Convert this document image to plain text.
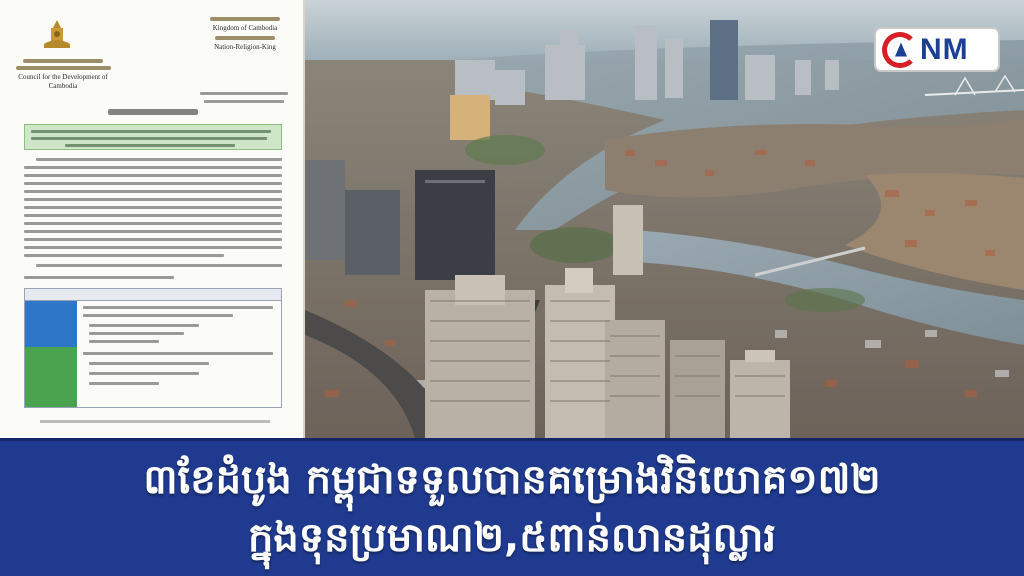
Council for the Development of Cambodia
Kingdom of Cambodia
Nation-Religion-King	NM
៣ខែដំបូង កម្ពុជាទទួលបានគម្រោងវិនិយោគ១៧២
ក្នុងទុនប្រមាណ២,៥ពាន់លានដុល្លារ
